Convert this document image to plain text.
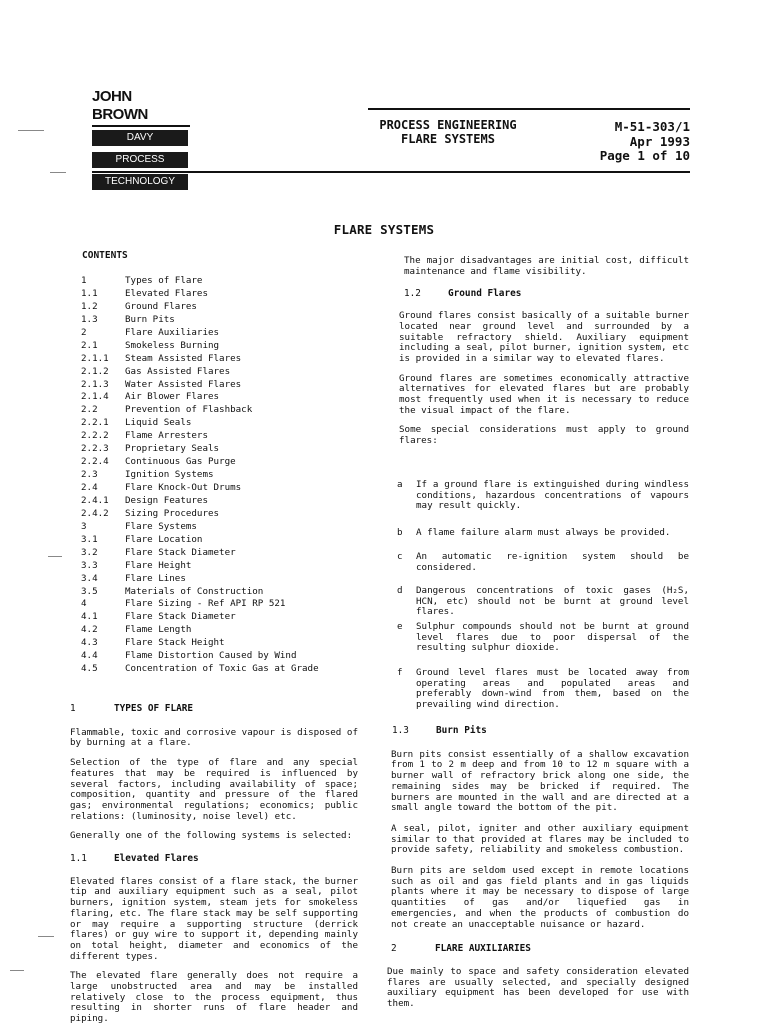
JOHN BROWN
DAVY
PROCESS
TECHNOLOGY
PROCESS ENGINEERING
FLARE SYSTEMS
M-51-303/1
Apr 1993
Page 1 of 10
FLARE SYSTEMS
CONTENTS
1	Types of Flare
1.1	Elevated Flares
1.2	Ground Flares
1.3	Burn Pits
2	Flare Auxiliaries
2.1	Smokeless Burning
2.1.1 Steam Assisted Flares
2.1.2 Gas Assisted Flares
2.1.3 Water Assisted Flares
2.1.4 Air Blower Flares
2.2	Prevention of Flashback
2.2.1 Liquid Seals
2.2.2 Flame Arresters
2.2.3 Proprietary Seals
2.2.4 Continuous Gas Purge
2.3	Ignition Systems
2.4	Flare Knock-Out Drums
2.4.1 Design Features
2.4.2 Sizing Procedures
3	Flare Systems
3.1	Flare Location
3.2	Flare Stack Diameter
3.3	Flare Height
3.4	Flare Lines
3.5	Materials of Construction
4	Flare Sizing - Ref API RP 521
4.1	Flare Stack Diameter
4.2	Flame Length
4.3	Flare Stack Height
4.4	Flame Distortion Caused by Wind
4.5	Concentration of Toxic Gas at Grade
1	TYPES OF FLARE

Flammable, toxic and corrosive vapour is disposed of by burning at a flare.

Selection of the type of flare and any special features that may be required is influenced by several factors, including availability of space; composition, quantity and pressure of the flared gas; environmental regulations; economics; public relations: (luminosity, noise level) etc.

Generally one of the following systems is selected:

1.1	Elevated Flares

Elevated flares consist of a flare stack, the burner tip and auxiliary equipment such as a seal, pilot burners, ignition system, steam jets for smokeless flaring, etc. The flare stack may be self supporting or may require a supporting structure (derrick flares) or guy wire to support it, depending mainly on total height, diameter and economics of the different types.

The elevated flare generally does not require a large unobstructed area and may be installed relatively close to the process equipment, thus resulting in shorter runs of flare header and piping.

The major disadvantages are initial cost, difficult maintenance and flame visibility.

1.2	Ground Flares

Ground flares consist basically of a suitable burner located near ground level and surrounded by a suitable refractory shield. Auxiliary equipment including a seal, pilot burner, ignition system, etc is provided in a similar way to elevated flares.

Ground flares are sometimes economically attractive alternatives for elevated flares but are probably most frequently used when it is necessary to reduce the visual impact of the flare.

Some special considerations must apply to ground flares:

a If a ground flare is extinguished during windless conditions, hazardous concentrations of vapours may result quickly.

b A flame failure alarm must always be provided.

c An automatic re-ignition system should be considered.

d Dangerous concentrations of toxic gases (H₂S, HCN, etc) should not be burnt at ground level flares.

e Sulphur compounds should not be burnt at ground level flares due to poor dispersal of the resulting sulphur dioxide.

f Ground level flares must be located away from operating areas and populated areas and preferably down-wind from them, based on the prevailing wind direction.

1.3	Burn Pits

Burn pits consist essentially of a shallow excavation from 1 to 2 m deep and from 10 to 12 m square with a burner wall of refractory brick along one side, the remaining sides may be bricked if required. The burners are mounted in the wall and are directed at a small angle toward the bottom of the pit.

A seal, pilot, igniter and other auxiliary equipment similar to that provided at flares may be included to provide safety, reliability and smokeless combustion.

Burn pits are seldom used except in remote locations such as oil and gas field plants and in gas liquids plants where it may be necessary to dispose of large quantities of gas and/or liquefied gas in emergencies, and when the products of combustion do not create an unacceptable nuisance or hazard.

2	FLARE AUXILIARIES

Due mainly to space and safety consideration elevated flares are usually selected, and specially designed auxiliary equipment has been developed for use with them.
